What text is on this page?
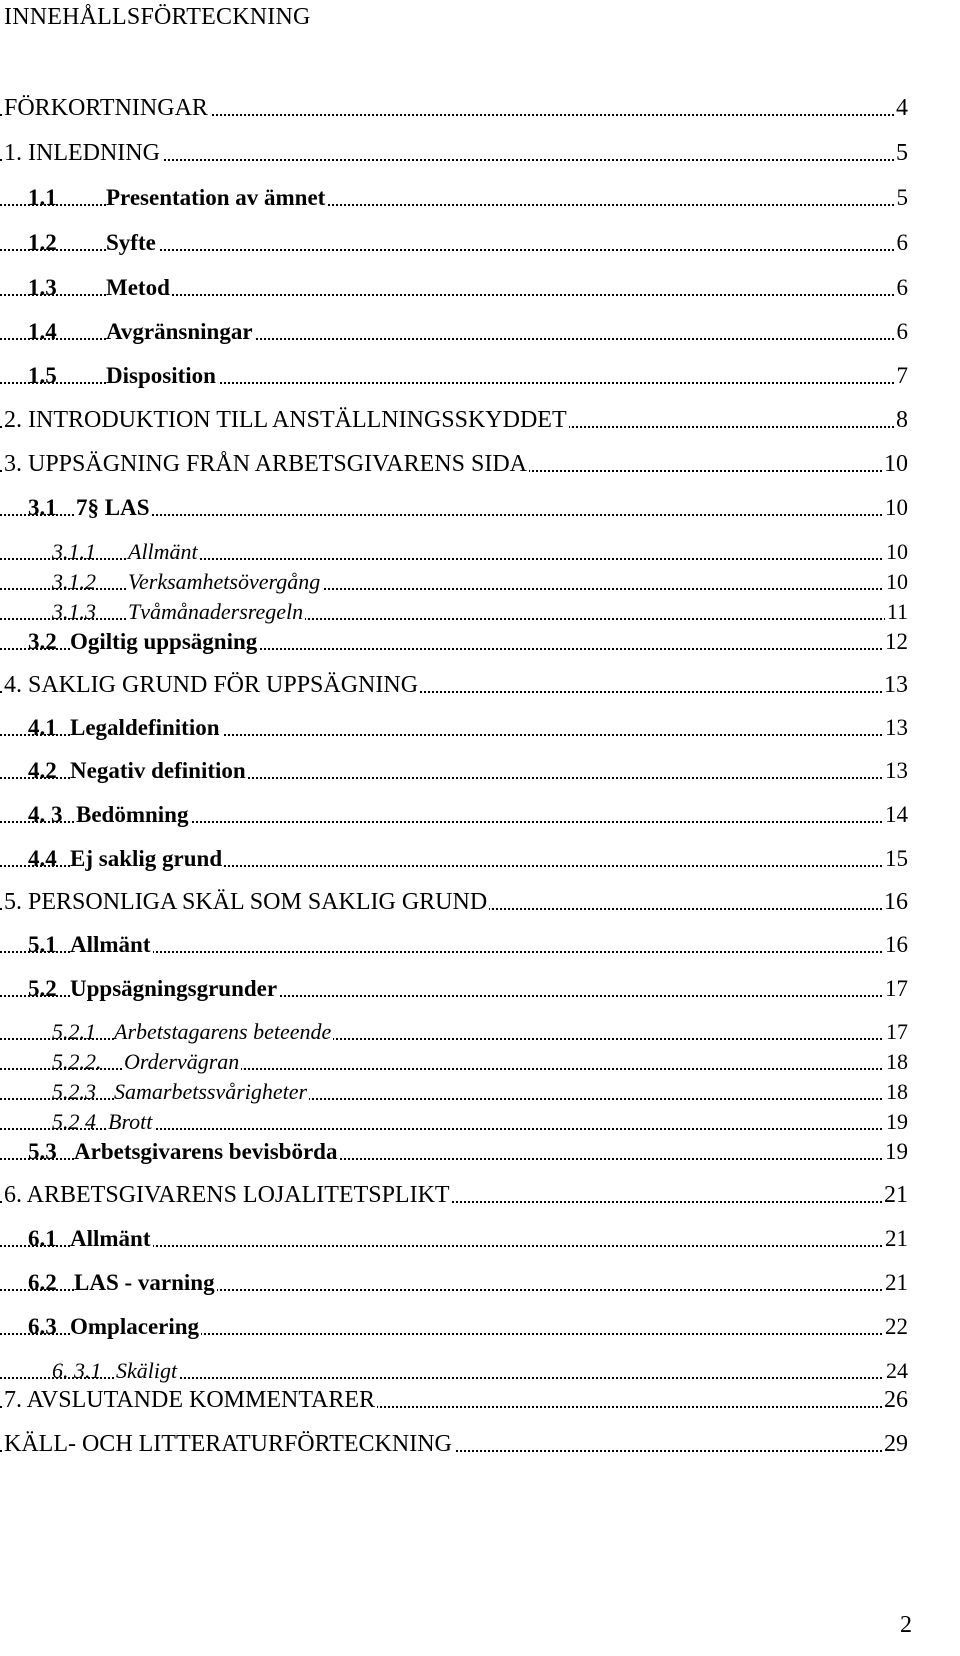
INNEHÅLLSFÖRTECKNING
FÖRKORTNINGAR	4
1. INLEDNING	5
1.1 Presentation av ämnet	5
1.2 Syfte	6
1.3 Metod	6
1.4 Avgränsningar	6
1.5 Disposition	7
2. INTRODUKTION TILL ANSTÄLLNINGSSKYDDET	8
3. UPPSÄGNING FRÅN ARBETSGIVARENS SIDA	10
3.1 7§ LAS	10
3.1.1 Allmänt	10
3.1.2 Verksamhetsövergång	10
3.1.3 Tvåmånadersregeln	11
3.2 Ogiltig uppsägning	12
4. SAKLIG GRUND FÖR UPPSÄGNING	13
4.1 Legaldefinition	13
4.2 Negativ definition	13
4. 3 Bedömning	14
4.4 Ej saklig grund	15
5. PERSONLIGA SKÄL SOM SAKLIG GRUND	16
5.1 Allmänt	16
5.2 Uppsägningsgrunder	17
5.2.1 Arbetstagarens beteende	17
5.2.2. Ordervägran	18
5.2.3 Samarbetssvårigheter	18
5.2 4 Brott	19
5.3 Arbetsgivarens bevisbörda	19
6. ARBETSGIVARENS LOJALITETSPLIKT	21
6.1 Allmänt	21
6.2 LAS - varning	21
6.3 Omplacering	22
6. 3.1 Skäligt	24
7. AVSLUTANDE KOMMENTARER	26
KÄLL- OCH LITTERATURFÖRTECKNING	29
2
